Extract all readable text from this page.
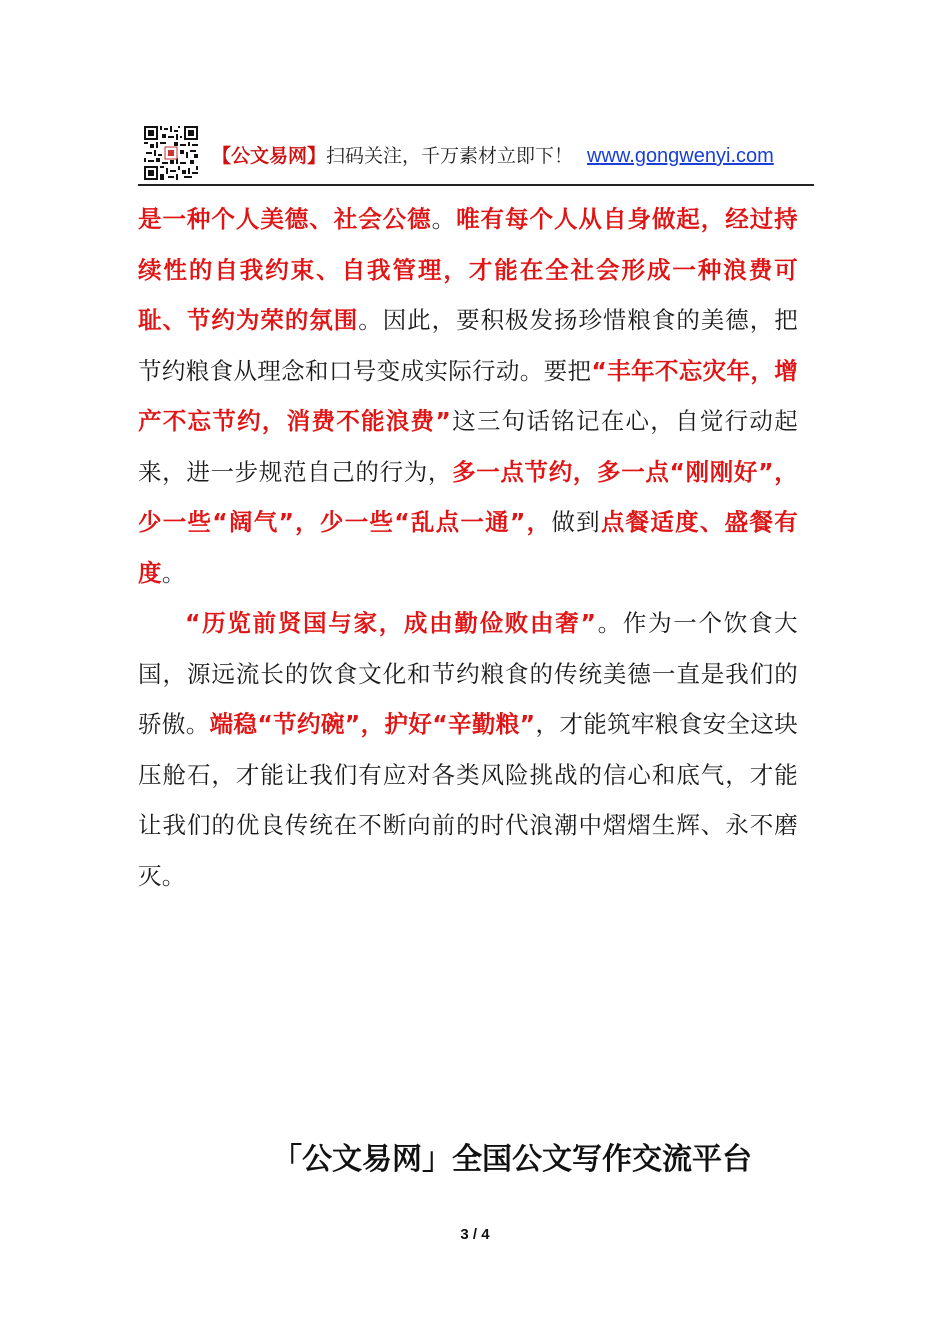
【公文易网】扫码关注，千万素材立即下！ www.gongwenyi.com

是一种个人美德、社会公德。唯有每个人从自身做起，经过持续性的自我约束、自我管理，才能在全社会形成一种浪费可耻、节约为荣的氛围。因此，要积极发扬珍惜粮食的美德，把节约粮食从理念和口号变成实际行动。要把“丰年不忘灾年，增产不忘节约，消费不能浪费”这三句话铭记在心，自觉行动起来，进一步规范自己的行为，多一点节约，多一点“刚刚好”，少一些“阔气”，少一些“乱点一通”，做到点餐适度、盛餐有度。

“历览前贤国与家，成由勤俭败由奢”。作为一个饮食大国，源远流长的饮食文化和节约粮食的传统美德一直是我们的骄傲。端稳“节约碗”，护好“辛勤粮”，才能筑牢粮食安全这块压舱石，才能让我们有应对各类风险挑战的信心和底气，才能让我们的优良传统在不断向前的时代浪潮中熠熠生辉、永不磨灭。

「公文易网」全国公文写作交流平台
3 / 4
